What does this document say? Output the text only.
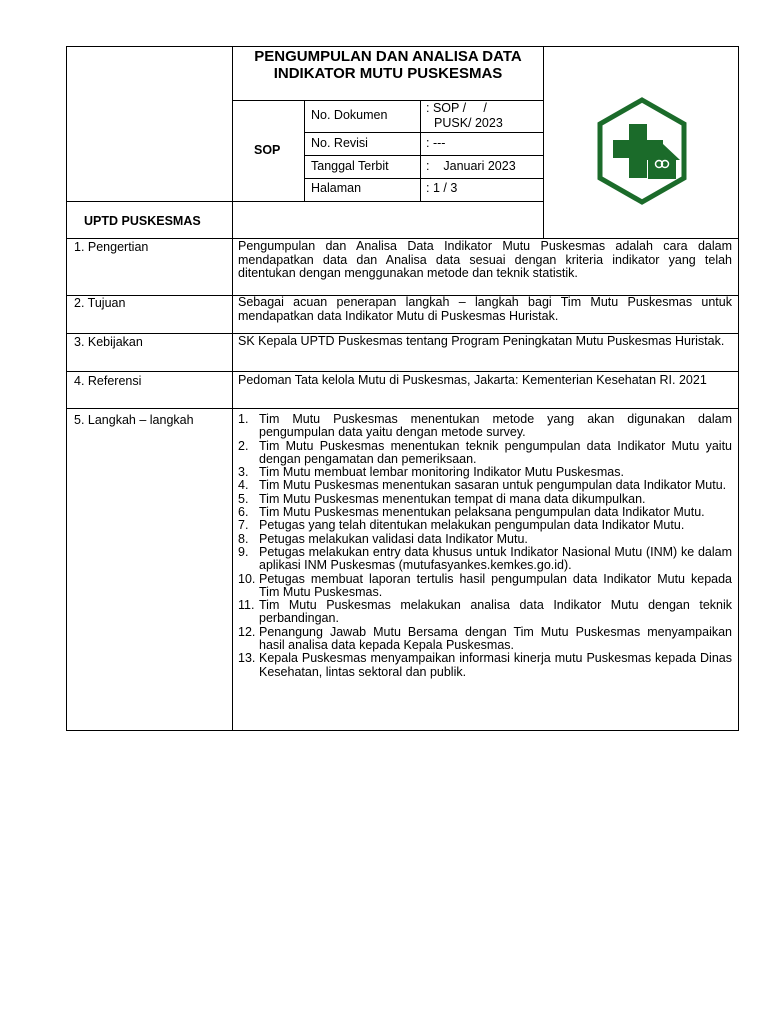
PENGUMPULAN DAN ANALISA DATA INDIKATOR MUTU PUSKESMAS
SOP
UPTD PUSKESMAS
No. Dokumen	: SOP /     /
PUSK/ 2023
No. Revisi	: ---
Tanggal Terbit	:    Januari 2023
Halaman	: 1 / 3
1. Pengertian	Pengumpulan dan Analisa Data Indikator Mutu Puskesmas adalah cara dalam mendapatkan data dan Analisa data sesuai dengan kriteria indikator yang telah ditentukan dengan menggunakan metode dan teknik statistik.
2. Tujuan	Sebagai acuan penerapan langkah – langkah bagi Tim Mutu Puskesmas untuk mendapatkan data Indikator Mutu di Puskesmas Huristak.
3. Kebijakan	SK Kepala UPTD Puskesmas tentang Program Peningkatan Mutu Puskesmas Huristak.
4. Referensi	Pedoman Tata kelola Mutu di Puskesmas, Jakarta: Kementerian Kesehatan RI. 2021
5. Langkah – langkah	1. Tim Mutu Puskesmas menentukan metode yang akan digunakan dalam pengumpulan data yaitu dengan metode survey.
2. Tim Mutu Puskesmas menentukan teknik pengumpulan data Indikator Mutu yaitu dengan pengamatan dan pemeriksaan.
3. Tim Mutu membuat lembar monitoring Indikator Mutu Puskesmas.
4. Tim Mutu Puskesmas menentukan sasaran untuk pengumpulan data Indikator Mutu.
5. Tim Mutu Puskesmas menentukan tempat di mana data dikumpulkan.
6. Tim Mutu Puskesmas menentukan pelaksana pengumpulan data Indikator Mutu.
7. Petugas yang telah ditentukan melakukan pengumpulan data Indikator Mutu.
8. Petugas melakukan validasi data Indikator Mutu.
9. Petugas melakukan entry data khusus untuk Indikator Nasional Mutu (INM) ke dalam aplikasi INM Puskesmas (mutufasyankes.kemkes.go.id).
10. Petugas membuat laporan tertulis hasil pengumpulan data Indikator Mutu kepada Tim Mutu Puskesmas.
11. Tim Mutu Puskesmas melakukan analisa data Indikator Mutu dengan teknik perbandingan.
12. Penangung Jawab Mutu Bersama dengan Tim Mutu Puskesmas menyampaikan hasil analisa data kepada Kepala Puskesmas.
13. Kepala Puskesmas menyampaikan informasi kinerja mutu Puskesmas kepada Dinas Kesehatan, lintas sektoral dan publik.
